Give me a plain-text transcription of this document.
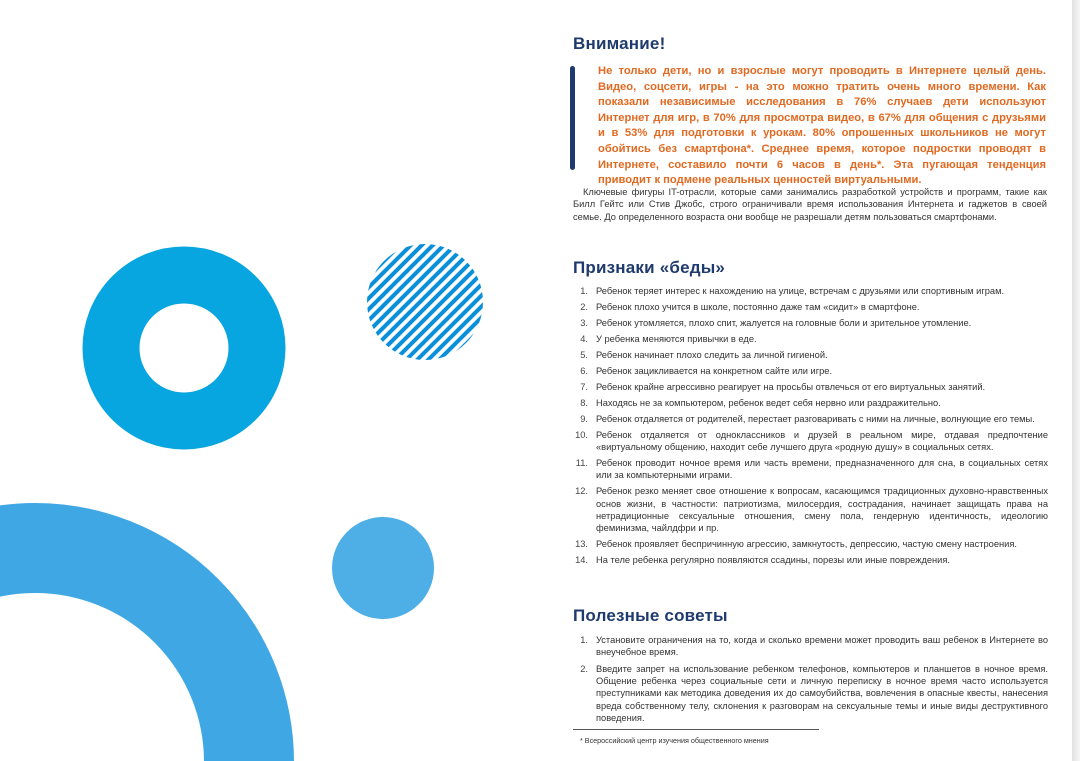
Внимание!

Не только дети, но и взрослые могут проводить в Интернете целый день. Видео, соцсети, игры - на это можно тратить очень много времени. Как показали независимые исследования в 76% случаев дети используют Интернет для игр, в 70% для просмотра видео, в 67% для общения с друзьями и в 53% для подготовки к урокам. 80% опрошенных школьников не могут обойтись без смартфона*. Среднее время, которое подростки проводят в Интернете, составило почти 6 часов в день*. Эта пугающая тенденция приводит к подмене реальных ценностей виртуальными.

Ключевые фигуры IT-отрасли, которые сами занимались разработкой устройств и программ, такие как Билл Гейтс или Стив Джобс, строго ограничивали время использования Интернета и гаджетов в своей семье. До определенного возраста они вообще не разрешали детям пользоваться смартфонами.

Признаки «беды»
1. Ребенок теряет интерес к нахождению на улице, встречам с друзьями или спортивным играм.
2. Ребенок плохо учится в школе, постоянно даже там «сидит» в смартфоне.
3. Ребенок утомляется, плохо спит, жалуется на головные боли и зрительное утомление.
4. У ребенка меняются привычки в еде.
5. Ребенок начинает плохо следить за личной гигиеной.
6. Ребенок зацикливается на конкретном сайте или игре.
7. Ребенок крайне агрессивно реагирует на просьбы отвлечься от его виртуальных занятий.
8. Находясь не за компьютером, ребенок ведет себя нервно или раздражительно.
9. Ребенок отдаляется от родителей, перестает разговаривать с ними на личные, волнующие его темы.
10. Ребенок отдаляется от одноклассников и друзей в реальном мире, отдавая предпочтение «виртуальному общению, находит себе лучшего друга «родную душу» в социальных сетях.
11. Ребенок проводит ночное время или часть времени, предназначенного для сна, в социальных сетях или за компьютерными играми.
12. Ребенок резко меняет свое отношение к вопросам, касающимся традиционных духовно-нравственных основ жизни, в частности: патриотизма, милосердия, сострадания, начинает защищать права на нетрадиционные сексуальные отношения, смену пола, гендерную идентичность, идеологию феминизма, чайлдфри и пр.
13. Ребенок проявляет беспричинную агрессию, замкнутость, депрессию, частую смену настроения.
14. На теле ребенка регулярно появляются ссадины, порезы или иные повреждения.
Полезные советы
1. Установите ограничения на то, когда и сколько времени может проводить ваш ребенок в Интернете во внеучебное время.
2. Введите запрет на использование ребенком телефонов, компьютеров и планшетов в ночное время. Общение ребенка через социальные сети и личную переписку в ночное время часто используется преступниками как методика доведения их до самоубийства, вовлечения в опасные квесты, нанесения вреда собственному телу, склонения к разговорам на сексуальные темы и иные виды деструктивного поведения.
* Всероссийский центр изучения общественного мнения
